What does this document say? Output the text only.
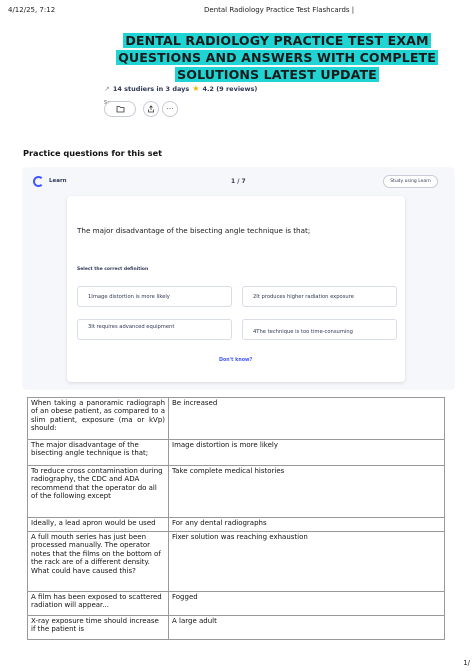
4/12/25, 7:12	Dental Radiology Practice Test Flashcards |
DENTAL RADIOLOGY PRACTICE TEST EXAM
QUESTIONS AND ANSWERS WITH COMPLETE
SOLUTIONS LATEST UPDATE
↗ 14 studiers in 3 days ★ 4.2 (9 reviews)
···
Practice questions for this set
Learn	1 / 7	Study using Learn
The major disadvantage of the bisecting angle technique is that;
Select the correct definition
1Image distortion is more likely	2It produces higher radiation exposure
3It requires advanced equipment
4The technique is too time-consuming
Don't know?
When taking a panoramic radiograph of an obese patient, as compared to a slim patient, exposure (ma or kVp) should:	Be increased
The major disadvantage of the bisecting angle technique is that;	Image distortion is more likely
To reduce cross contamination during radiography, the CDC and ADA recommend that the operator do all of the following except	Take complete medical histories
Ideally, a lead apron would be used	For any dental radiographs
A full mouth series has just been processed manually. The operator notes that the films on the bottom of the rack are of a different density. What could have caused this?	Fixer solution was reaching exhaustion
A film has been exposed to scattered radiation will appear...	Fogged
X-ray exposure time should increase if the patient is	A large adult
1/
